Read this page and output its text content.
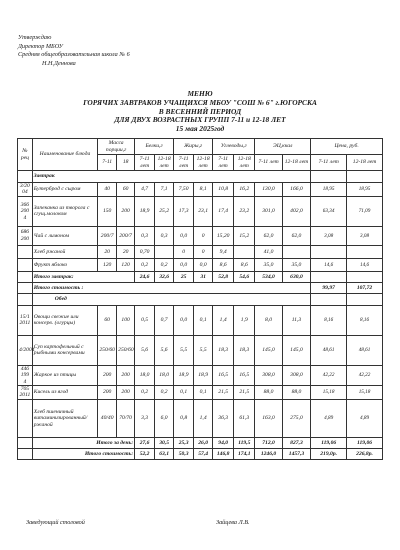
Утверждаю
Директор МБОУ
Средняя общеобразовательная школа № 6
Н.Н.Деннова
МЕНЮ
ГОРЯЧИХ ЗАВТРАКОВ УЧАЩИХСЯ МБОУ "СОШ № 6" г.ЮГОРСКА
В ВЕСЕННИЙ ПЕРИОД
ДЛЯ ДВУХ ВОЗРАСТНЫХ ГРУПП 7-11 и 12-18 ЛЕТ
15 мая 2025год
№ рец	Наименование блюда	Масса порции,г		Белки,г		Жиры,г		Углеводы,г		ЭЦ,ккал		Цена, руб.	
		7-11	18	7-11 лет	12-18 лет	7-11 лет	12-18 лет	7-11 лет	12-18 лет	7-11 лет	12-18 лет	7-11 лет	12-18 лет
	Завтрак												
3/20 04	Бутерброд с сыром	40	60	4,7	7,1	7,50	8,1	10,8	16,2	130,0	166,0	18,95	18,95
366 200 4	Запеканка из творога с сгущ.молоком	150	200	18,9	25,2	17,3	23,1	17,4	23,2	301,0	402,0	63,34	71,09
686 200	Чай с лимоном	200/7	200/7	0,3	0,3	0,0	0	15,20	15,2	62,0	62,0	3,08	3,08
	Хлеб ржаной	20	20	0,70		0	0	9,4		41,0			
	Фрукт яблоко	120	120	0,2	0,2	0,0	0,0	8,6	8,6	35,0	35,0	14,6	14,6
	Итого завтрак:			24,6	32,6	25	31	52,8	54,6	534,0	630,0		
	Итого стоимость :											99,97	107,72
	Обед												
15/1 2011	Овощи свежие или консерв. (огурцы)	60	100	0,5	0,7	0,0	0,1	1,4	1,9	8,0	11,3	8,16	8,16
4/2004	Суп картофельный с рыбными консервами	250/60	250/60	5,6	5,6	5,5	5,5	18,3	18,3	145,0	145,0	48,61	48,61
446 199 4	Жаркое из птицы	200	200	18,0	18,0	18,9	18,9	16,5	16,5	308,0	308,0	42,22	42,22
705 2011	Кисель из ягод	200	200	0,2	0,2	0,1	0,1	21,5	21,5	88,0	88,0	15,18	15,18
	Хлеб пшеничный витаминизированный/ржаной	40/40	70/70	3,3	6,0	0,8	1,4	36,3	61,3	163,0	275,0	4,89	4,89
	Итого за день:			27,6	30,5	25,3	26,0	94,0	119,5	712,0	827,3	119,06	119,06
	Итого стоимость:			52,2	63,1	50,3	57,4	146,8	174,1	1246,0	1457,3	219,0р.	226,8р.
Заведующий столовой	Зайцева Л.В.
